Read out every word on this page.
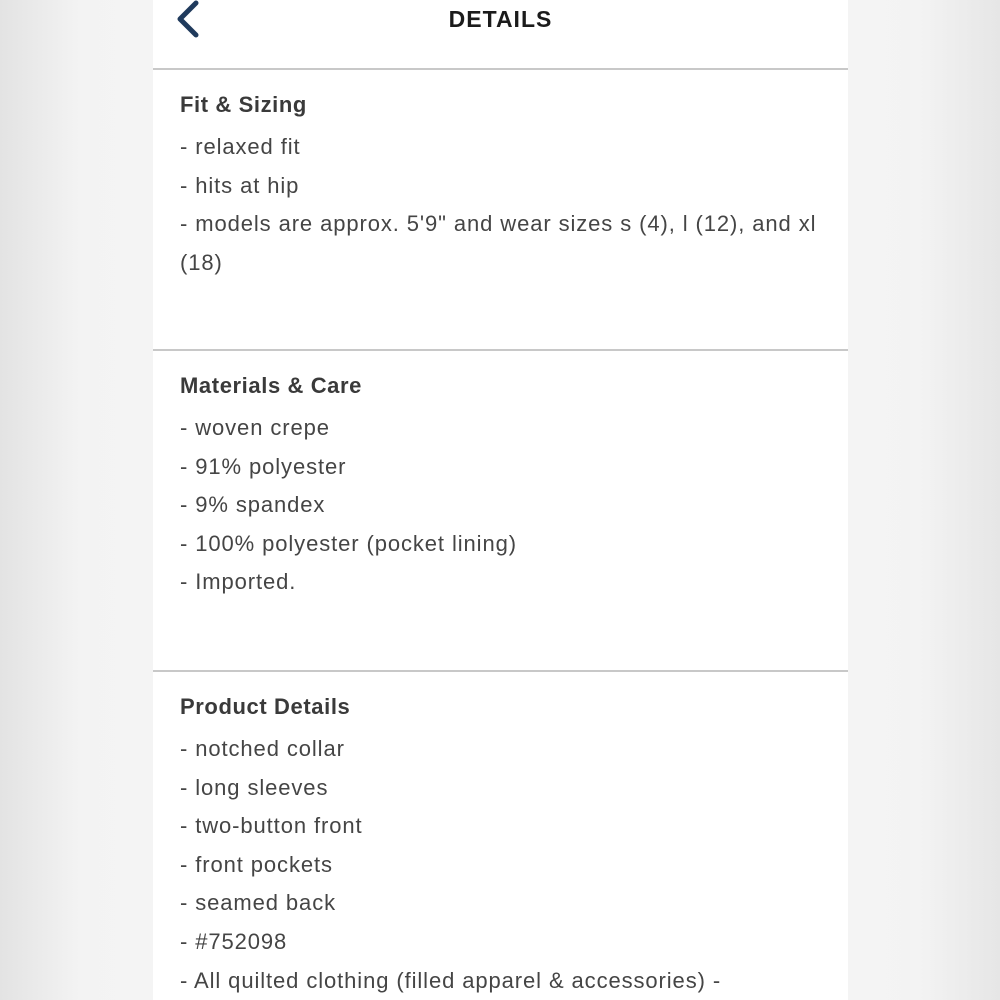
DETAILS
Fit & Sizing
- relaxed fit
- hits at hip
- models are approx. 5'9" and wear sizes s (4), l (12), and xl (18)
Materials & Care
- woven crepe
- 91% polyester
- 9% spandex
- 100% polyester (pocket lining)
- Imported.
Product Details
- notched collar
- long sleeves
- two-button front
- front pockets
- seamed back
- #752098
- All quilted clothing (filled apparel & accessories) -
